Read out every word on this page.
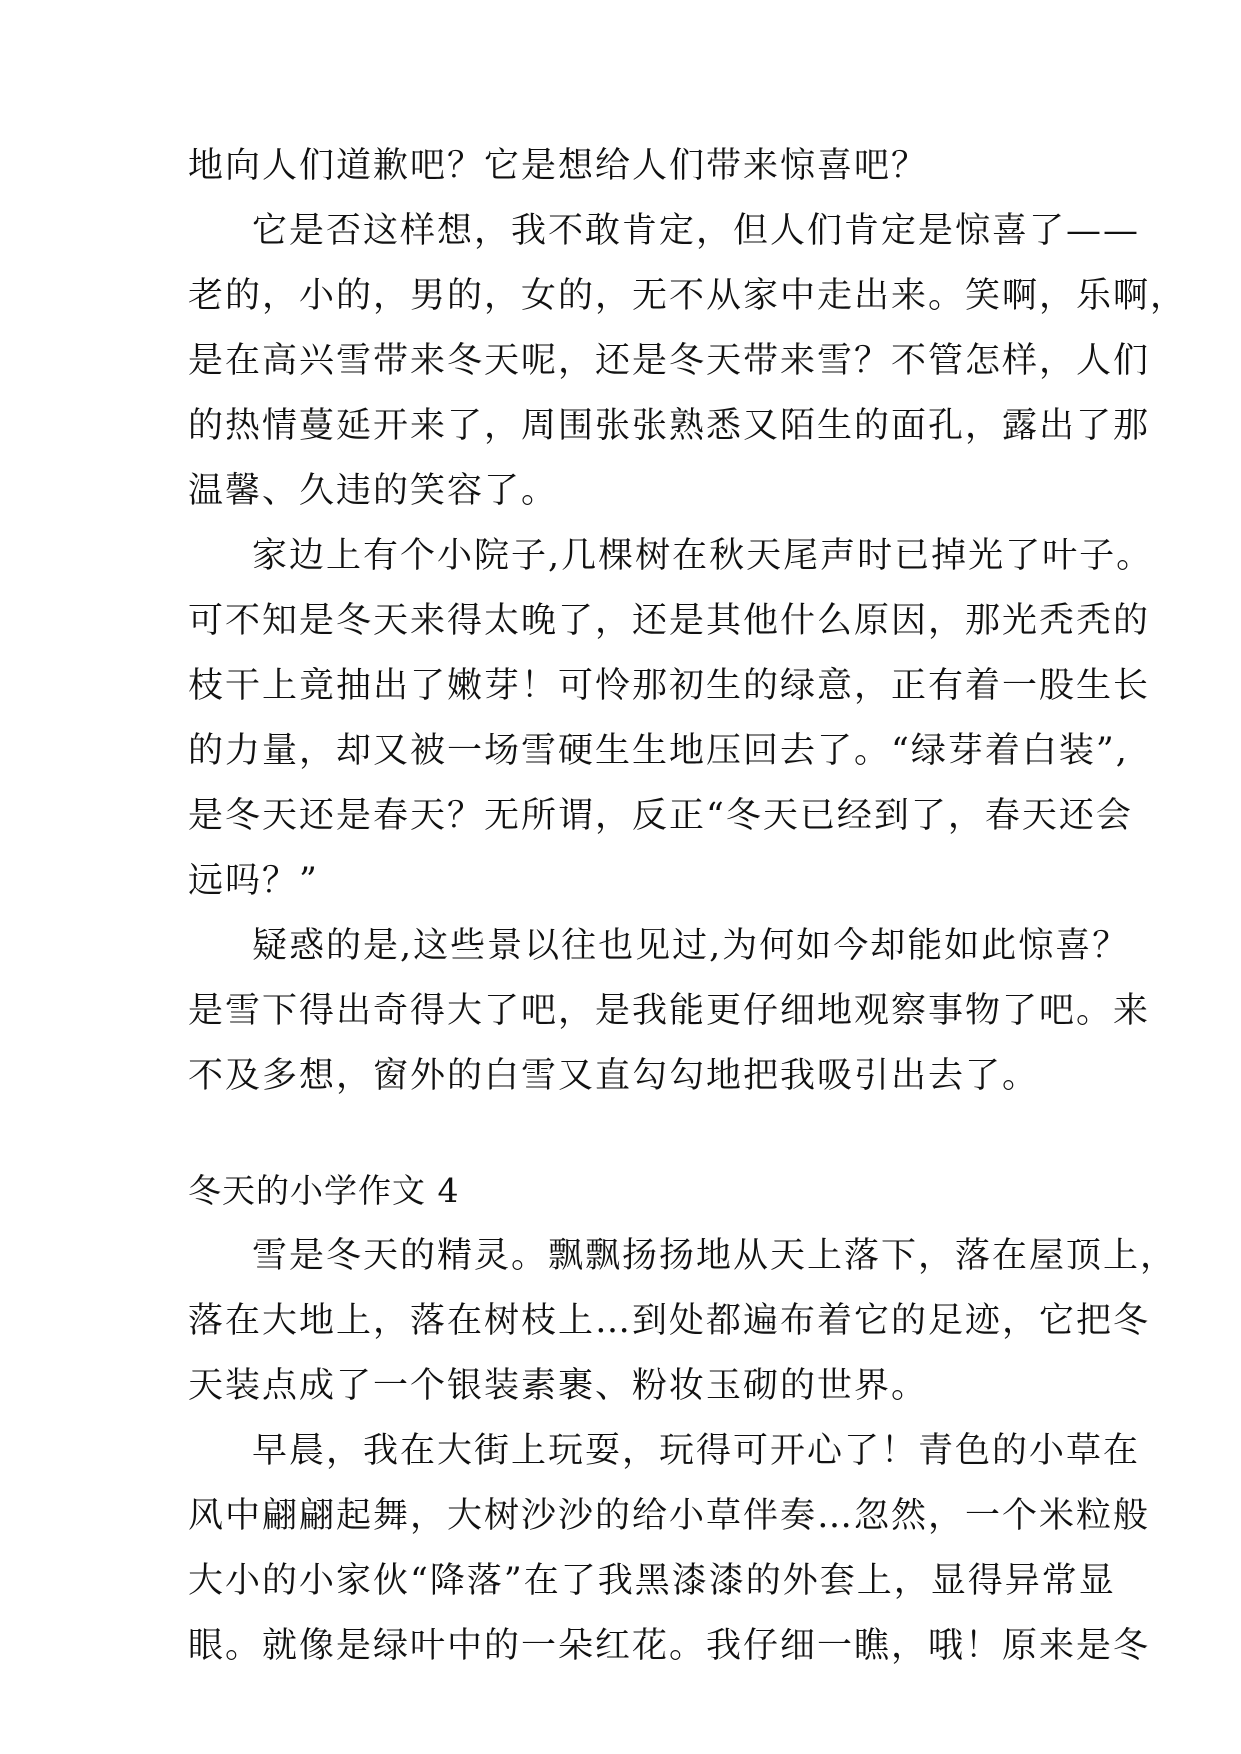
地向人们道歉吧？它是想给人们带来惊喜吧？
它是否这样想，我不敢肯定，但人们肯定是惊喜了——
老的，小的，男的，女的，无不从家中走出来。笑啊，乐啊，
是在高兴雪带来冬天呢，还是冬天带来雪？不管怎样，人们
的热情蔓延开来了，周围张张熟悉又陌生的面孔，露出了那
温馨、久违的笑容了。
家边上有个小院子,几棵树在秋天尾声时已掉光了叶子。
可不知是冬天来得太晚了，还是其他什么原因，那光秃秃的
枝干上竟抽出了嫩芽！可怜那初生的绿意，正有着一股生长
的力量，却又被一场雪硬生生地压回去了。“绿芽着白装”,
是冬天还是春天？无所谓，反正“冬天已经到了，春天还会
远吗？”
疑惑的是,这些景以往也见过,为何如今却能如此惊喜？
是雪下得出奇得大了吧，是我能更仔细地观察事物了吧。来
不及多想，窗外的白雪又直勾勾地把我吸引出去了。
冬天的小学作文 4
雪是冬天的精灵。飘飘扬扬地从天上落下，落在屋顶上，
落在大地上，落在树枝上…到处都遍布着它的足迹，它把冬
天装点成了一个银装素裹、粉妆玉砌的世界。
早晨，我在大街上玩耍，玩得可开心了！青色的小草在
风中翩翩起舞，大树沙沙的给小草伴奏…忽然，一个米粒般
大小的小家伙“降落”在了我黑漆漆的外套上，显得异常显
眼。就像是绿叶中的一朵红花。我仔细一瞧，哦！原来是冬
